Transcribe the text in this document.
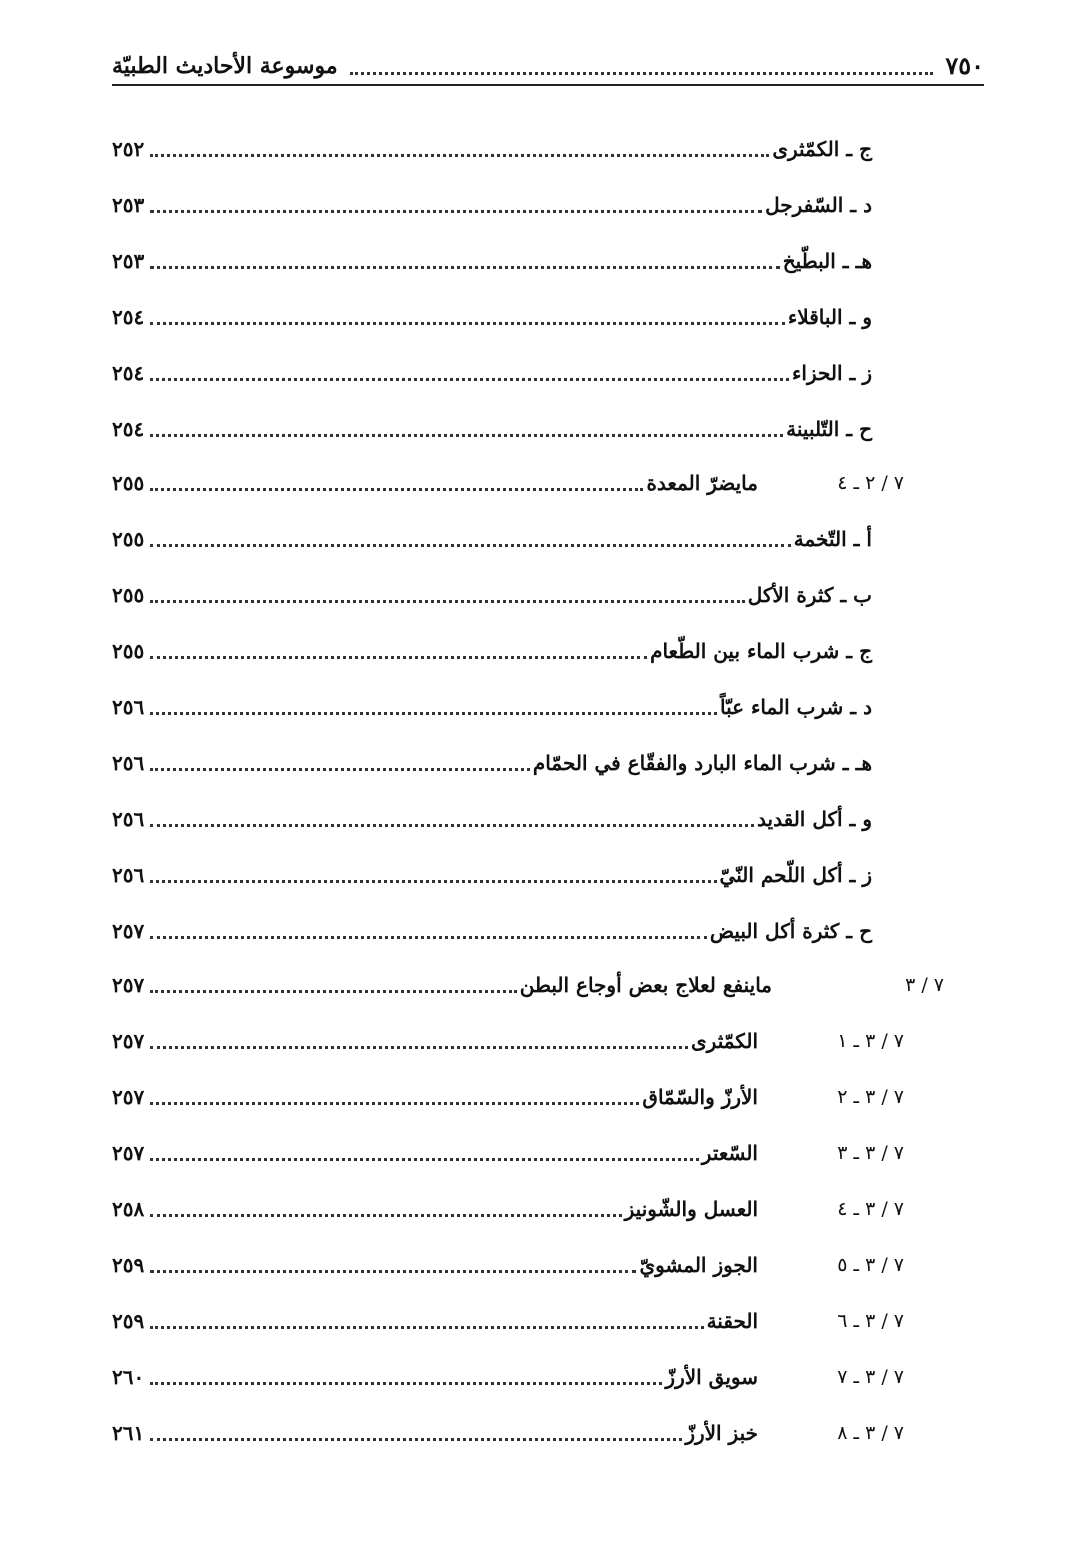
٧٥٠
موسوعة الأحاديث الطبيّة
ج ـ الكمّثرى
٢٥٢
د ـ السّفرجل
٢٥٣
هـ ـ البطّيخ
٢٥٣
و ـ الباقلاء
٢٥٤
ز ـ الحزاء
٢٥٤
ح ـ التّلبينة
٢٥٤
٧ / ٢ ـ ٤
مايضرّ المعدة
٢٥٥
أ ـ التّخمة
٢٥٥
ب ـ كثرة الأكل
٢٥٥
ج ـ شرب الماء بين الطّعام
٢٥٥
د ـ شرب الماء عبّاً
٢٥٦
هـ ـ شرب الماء البارد والفقّاع في الحمّام
٢٥٦
و ـ أكل القديد
٢٥٦
ز ـ أكل اللّحم النّيّ
٢٥٦
ح ـ كثرة أكل البيض
٢٥٧
٧ / ٣
ماينفع لعلاج بعض أوجاع البطن
٢٥٧
٧ / ٣ ـ ١
الكمّثرى
٢٥٧
٧ / ٣ ـ ٢
الأرزّ والسّمّاق
٢٥٧
٧ / ٣ ـ ٣
السّعتر
٢٥٧
٧ / ٣ ـ ٤
العسل والشّونيز
٢٥٨
٧ / ٣ ـ ٥
الجوز المشويّ
٢٥٩
٧ / ٣ ـ ٦
الحقنة
٢٥٩
٧ / ٣ ـ ٧
سويق الأرزّ
٢٦٠
٧ / ٣ ـ ٨
خبز الأرزّ
٢٦١
